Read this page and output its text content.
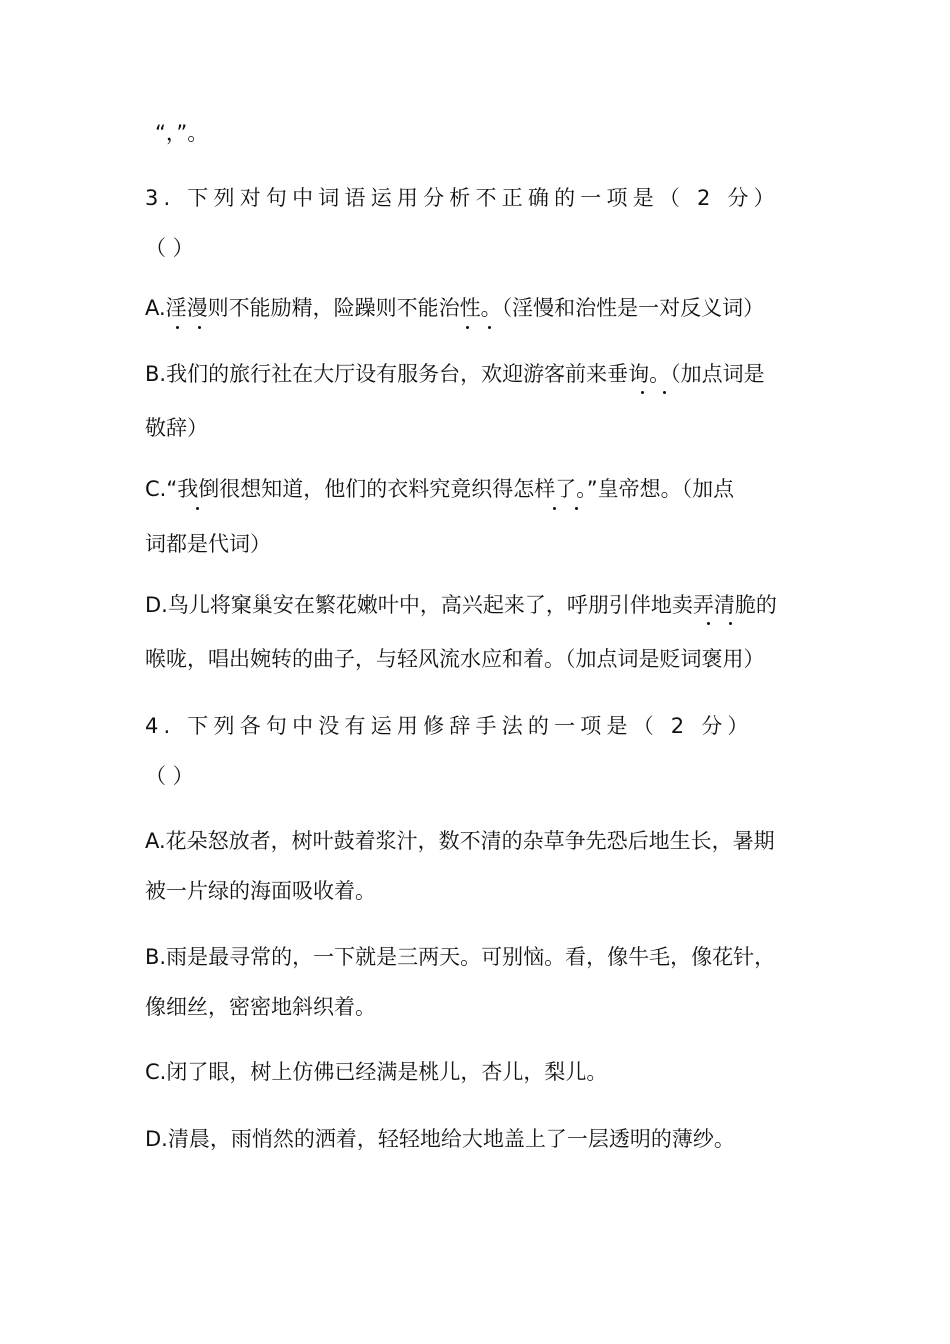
“，”。
3. 下列对句中词语运用分析不正确的一项是（ 2 分）
（ ）
A.淫漫则不能励精，险躁则不能治性。（淫慢和治性是一对反义词）
B.我们的旅行社在大厅设有服务台，欢迎游客前来垂询。（加点词是
敬辞）
C.“我倒很想知道，他们的衣料究竟织得怎样了。”皇帝想。（加点
词都是代词）
D.鸟儿将窠巢安在繁花嫩叶中，高兴起来了，呼朋引伴地卖弄清脆的
喉咙，唱出婉转的曲子，与轻风流水应和着。（加点词是贬词褒用）
4. 下列各句中没有运用修辞手法的一项是（ 2 分）
（ ）
A.花朵怒放者，树叶鼓着浆汁，数不清的杂草争先恐后地生长，暑期
被一片绿的海面吸收着。
B.雨是最寻常的，一下就是三两天。可别恼。看，像牛毛，像花针，
像细丝，密密地斜织着。
C.闭了眼，树上仿佛已经满是桃儿，杏儿，梨儿。
D.清晨，雨悄然的洒着，轻轻地给大地盖上了一层透明的薄纱。
